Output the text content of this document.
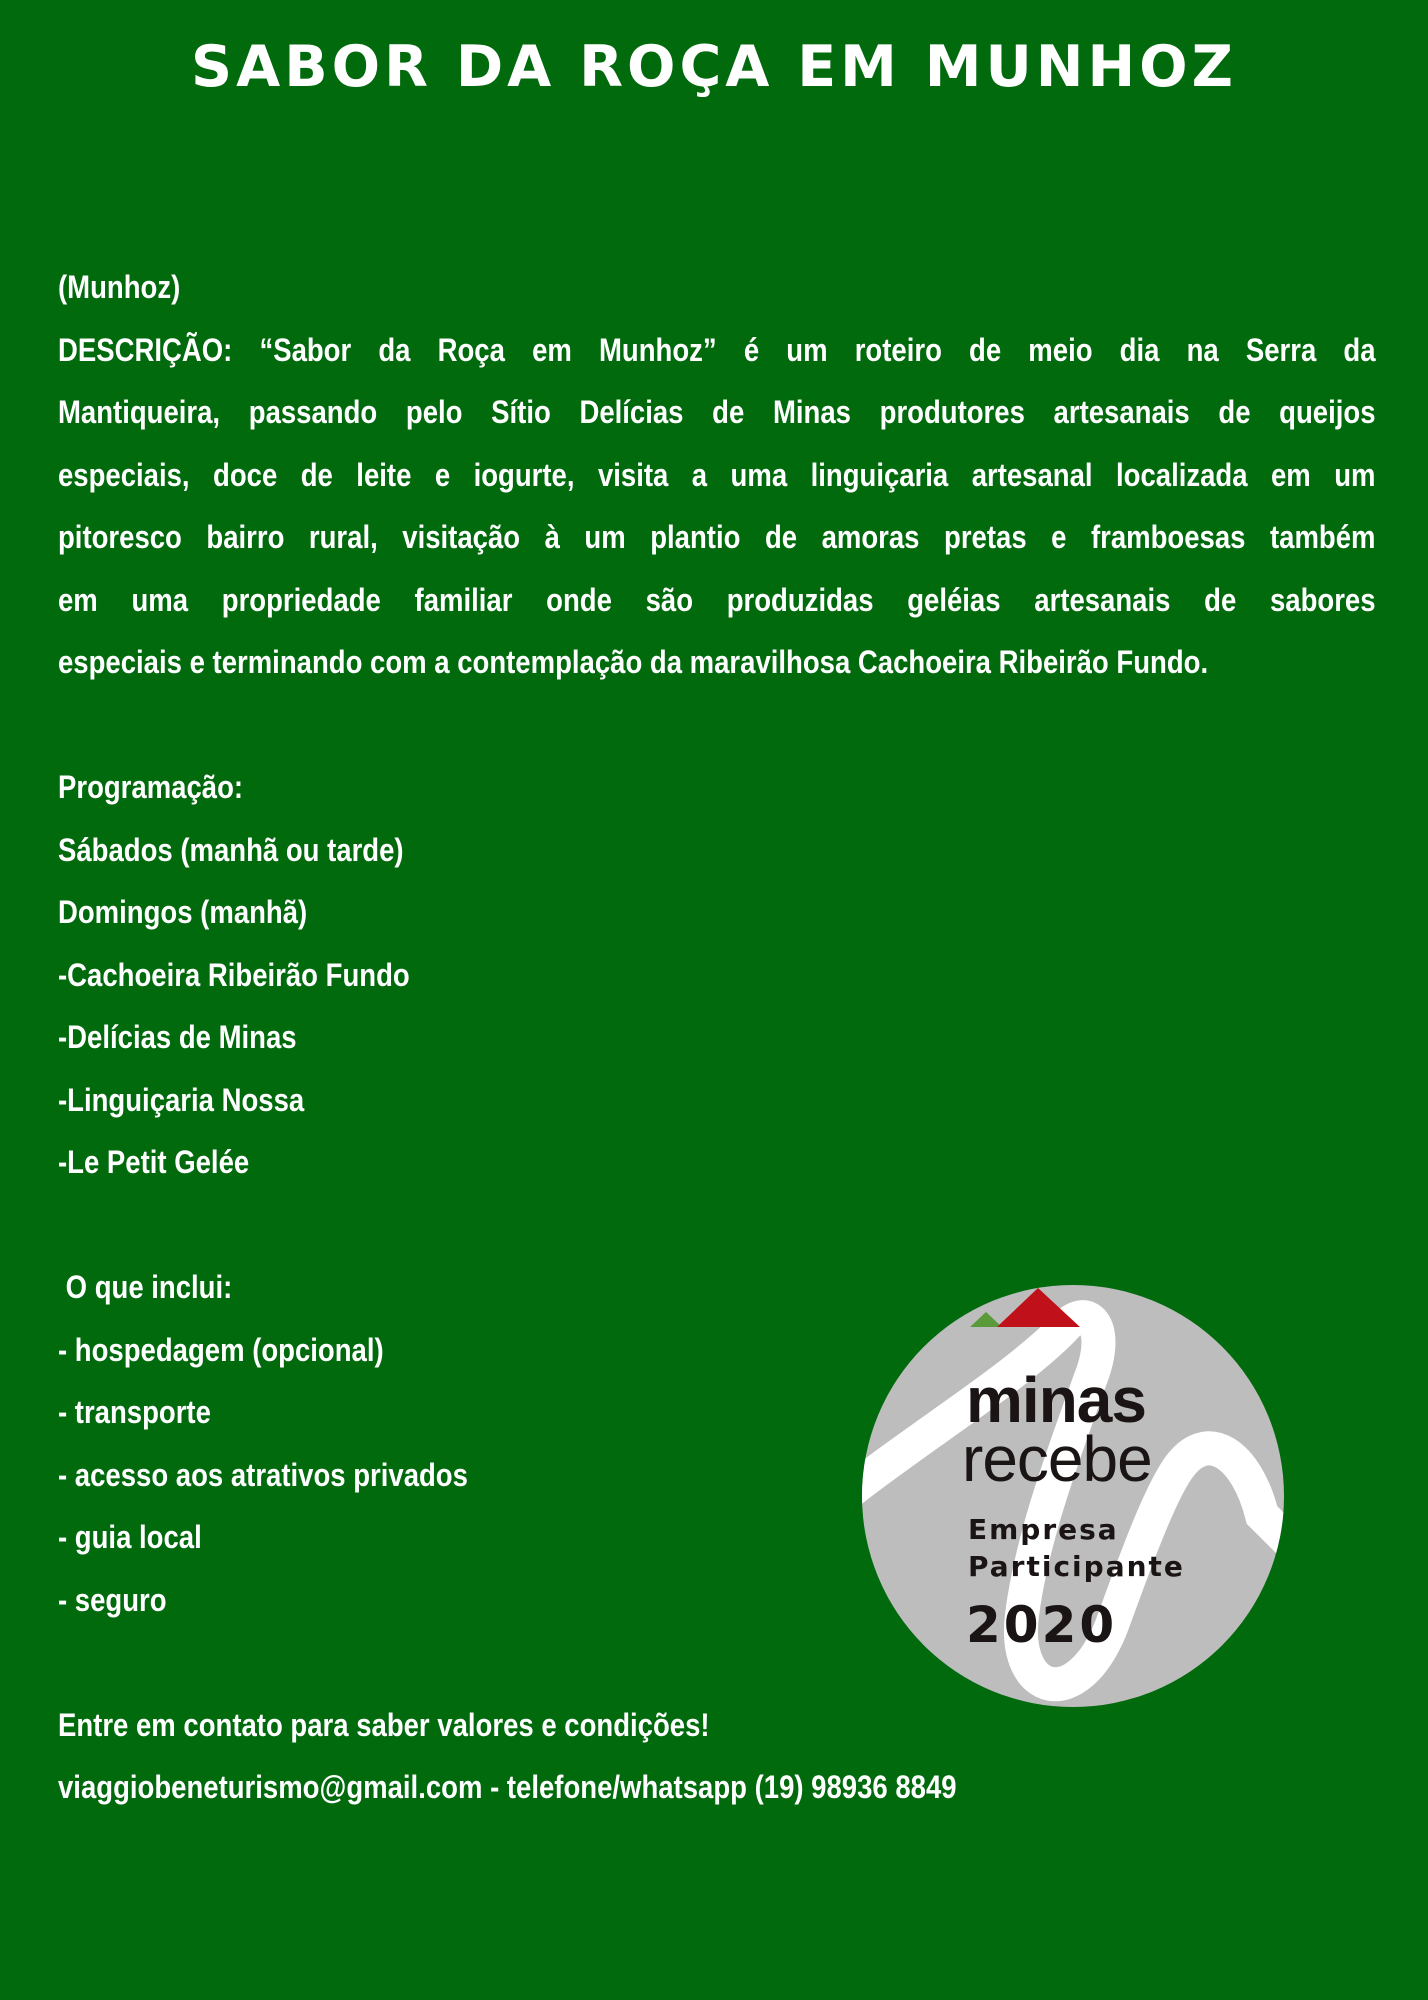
SABOR DA ROÇA EM MUNHOZ
(Munhoz)
DESCRIÇÃO: “Sabor da Roça em Munhoz” é um roteiro de meio dia na Serra da
Mantiqueira, passando pelo Sítio Delícias de Minas produtores artesanais de queijos
especiais, doce de leite e iogurte, visita a uma linguiçaria artesanal localizada em um
pitoresco bairro rural, visitação à um plantio de amoras pretas e framboesas também
em uma propriedade familiar onde são produzidas geléias artesanais de sabores
especiais e terminando com a contemplação da maravilhosa Cachoeira Ribeirão Fundo.
Programação:
Sábados (manhã ou tarde)
Domingos (manhã)
-Cachoeira Ribeirão Fundo
-Delícias de Minas
-Linguiçaria Nossa
-Le Petit Gelée
O que inclui:
- hospedagem (opcional)
- transporte
- acesso aos atrativos privados
- guia local
- seguro
Entre em contato para saber valores e condições!
viaggiobeneturismo@gmail.com - telefone/whatsapp (19) 98936 8849
minas
recebe
Empresa
Participante
2020
